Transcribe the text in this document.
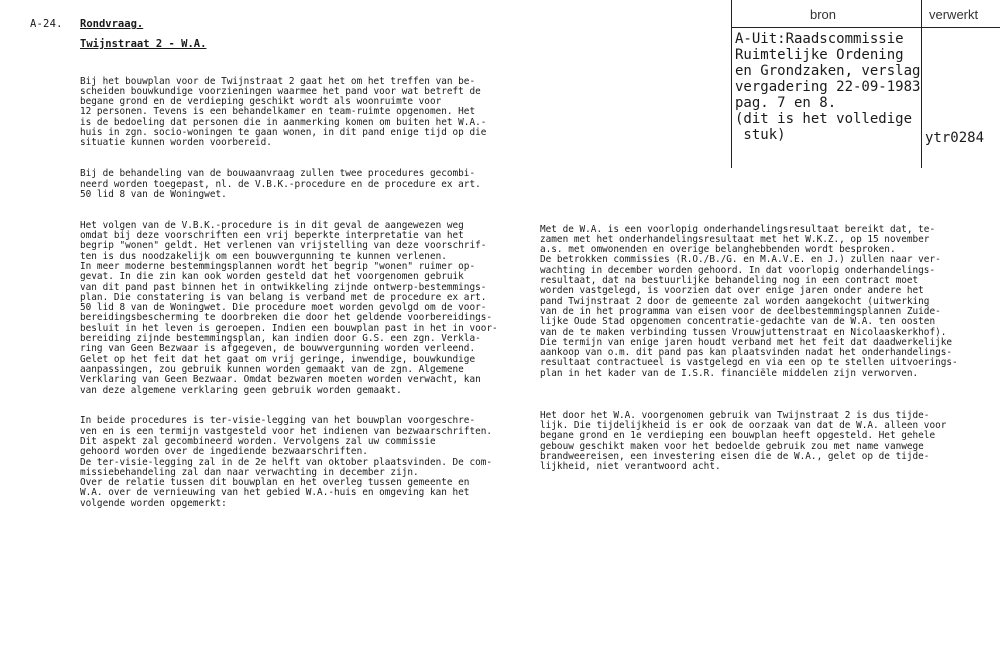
A-24. Rondvraag.
Twijnstraat 2 - W.A.

Bij het bouwplan voor de Twijnstraat 2 gaat het om het treffen van be-
scheiden bouwkundige voorzieningen waarmee het pand voor wat betreft de
begane grond en de verdieping geschikt wordt als woonruimte voor
12 personen. Tevens is een behandelkamer en team-ruimte opgenomen. Het
is de bedoeling dat personen die in aanmerking komen om buiten het W.A.-
huis in zgn. socio-woningen te gaan wonen, in dit pand enige tijd op die
situatie kunnen worden voorbereid.

Bij de behandeling van de bouwaanvraag zullen twee procedures gecombi-
neerd worden toegepast, nl. de V.B.K.-procedure en de procedure ex art.
50 lid 8 van de Woningwet.

Het volgen van de V.B.K.-procedure is in dit geval de aangewezen weg
omdat bij deze voorschriften een vrij beperkte interpretatie van het
begrip "wonen" geldt. Het verlenen van vrijstelling van deze voorschrif-
ten is dus noodzakelijk om een bouwvergunning te kunnen verlenen.
In meer moderne bestemmingsplannen wordt het begrip "wonen" ruimer op-
gevat. In die zin kan ook worden gesteld dat het voorgenomen gebruik
van dit pand past binnen het in ontwikkeling zijnde ontwerp-bestemmings-
plan. Die constatering is van belang is verband met de procedure ex art.
50 lid 8 van de Woningwet. Die procedure moet worden gevolgd om de voor-
bereidingsbescherming te doorbreken die door het geldende voorbereidings-
besluit in het leven is geroepen. Indien een bouwplan past in het in voor-
bereiding zijnde bestemmingsplan, kan indien door G.S. een zgn. Verkla-
ring van Geen Bezwaar is afgegeven, de bouwvergunning worden verleend.
Gelet op het feit dat het gaat om vrij geringe, inwendige, bouwkundige
aanpassingen, zou gebruik kunnen worden gemaakt van de zgn. Algemene
Verklaring van Geen Bezwaar. Omdat bezwaren moeten worden verwacht, kan
van deze algemene verklaring geen gebruik worden gemaakt.

In beide procedures is ter-visie-legging van het bouwplan voorgeschre-
ven en is een termijn vastgesteld voor het indienen van bezwaarschriften.
Dit aspekt zal gecombineerd worden. Vervolgens zal uw commissie
gehoord worden over de ingediende bezwaarschriften.
De ter-visie-legging zal in de 2e helft van oktober plaatsvinden. De com-
missiebehandeling zal dan naar verwachting in december zijn.
Over de relatie tussen dit bouwplan en het overleg tussen gemeente en
W.A. over de vernieuwing van het gebied W.A.-huis en omgeving kan het
volgende worden opgemerkt:

Met de W.A. is een voorlopig onderhandelingsresultaat bereikt dat, te-
zamen met het onderhandelingsresultaat met het W.K.Z., op 15 november
a.s. met omwonenden en overige belanghebbenden wordt besproken.
De betrokken commissies (R.O./B./G. en M.A.V.E. en J.) zullen naar ver-
wachting in december worden gehoord. In dat voorlopig onderhandelings-
resultaat, dat na bestuurlijke behandeling nog in een contract moet
worden vastgelegd, is voorzien dat over enige jaren onder andere het
pand Twijnstraat 2 door de gemeente zal worden aangekocht (uitwerking
van de in het programma van eisen voor de deelbestemmingsplannen Zuide-
lijke Oude Stad opgenomen concentratie-gedachte van de W.A. ten oosten
van de te maken verbinding tussen Vrouwjuttenstraat en Nicolaaskerkhof).
Die termijn van enige jaren houdt verband met het feit dat daadwerkelijke
aankoop van o.m. dit pand pas kan plaatsvinden nadat het onderhandelings-
resultaat contractueel is vastgelegd en via een op te stellen uitvoerings-
plan in het kader van de I.S.R. financiële middelen zijn verworven.

Het door het W.A. voorgenomen gebruik van Twijnstraat 2 is dus tijde-
lijk. Die tijdelijkheid is er ook de oorzaak van dat de W.A. alleen voor
begane grond en 1e verdieping een bouwplan heeft opgesteld. Het gehele
gebouw geschikt maken voor het bedoelde gebruik zou met name vanwege
brandweereisen, een investering eisen die de W.A., gelet op de tijde-
lijkheid, niet verantwoord acht.

bron	verwerkt
A-Uit:Raadscommissie
Ruimtelijke Ordening
en Grondzaken, verslag
vergadering 22-09-1983
pag. 7 en 8.
(dit is het volledige
stuk)	ytr0284
